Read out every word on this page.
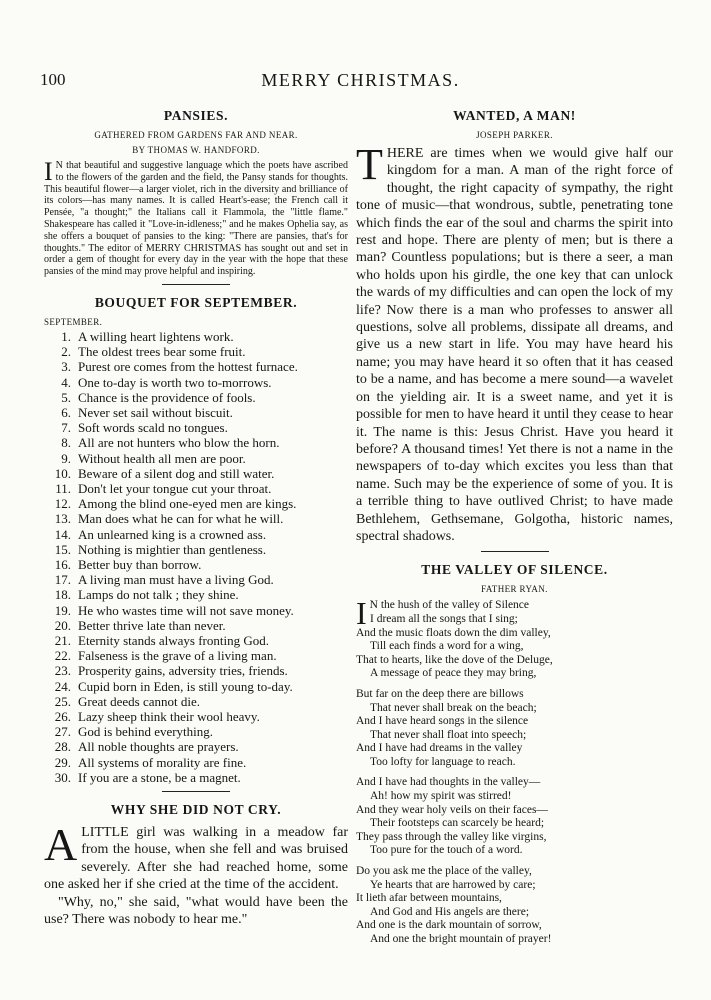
100	MERRY CHRISTMAS.
PANSIES.
GATHERED FROM GARDENS FAR AND NEAR.
BY THOMAS W. HANDFORD.

I N that beautiful and suggestive language which the poets have ascribed to the flowers of the garden and the field, the Pansy stands for thoughts. This beautiful flower—a larger violet, rich in the diversity and brilliance of its colors—has many names. It is called Heart's-ease; the French call it Pensée, "a thought;" the Italians call it Flammola, the "little flame." Shakespeare has called it "Love-in-idleness;" and he makes Ophelia say, as she offers a bouquet of pansies to the king: "There are pansies, that's for thoughts." The editor of MERRY CHRISTMAS has sought out and set in order a gem of thought for every day in the year with the hope that these pansies of the mind may prove helpful and inspiring.

BOUQUET FOR SEPTEMBER.
SEPTEMBER.
1. A willing heart lightens work.
2. The oldest trees bear some fruit.
3. Purest ore comes from the hottest furnace.
4. One to-day is worth two to-morrows.
5. Chance is the providence of fools.
6. Never set sail without biscuit.
7. Soft words scald no tongues.
8. All are not hunters who blow the horn.
9. Without health all men are poor.
10. Beware of a silent dog and still water.
11. Don't let your tongue cut your throat.
12. Among the blind one-eyed men are kings.
13. Man does what he can for what he will.
14. An unlearned king is a crowned ass.
15. Nothing is mightier than gentleness.
16. Better buy than borrow.
17. A living man must have a living God.
18. Lamps do not talk ; they shine.
19. He who wastes time will not save money.
20. Better thrive late than never.
21. Eternity stands always fronting God.
22. Falseness is the grave of a living man.
23. Prosperity gains, adversity tries, friends.
24. Cupid born in Eden, is still young to-day.
25. Great deeds cannot die.
26. Lazy sheep think their wool heavy.
27. God is behind everything.
28. All noble thoughts are prayers.
29. All systems of morality are fine.
30. If you are a stone, be a magnet.
WHY SHE DID NOT CRY.

ALITTLE girl was walking in a meadow far from the house, when she fell and was bruised severely. After she had reached home, some one asked her if she cried at the time of the accident.

"Why, no," she said, "what would have been the use? There was nobody to hear me."

WANTED, A MAN!
JOSEPH PARKER.

THERE are times when we would give half our kingdom for a man. A man of the right force of thought, the right capacity of sympathy, the right tone of music—that wondrous, subtle, penetrating tone which finds the ear of the soul and charms the spirit into rest and hope. There are plenty of men; but is there a man? Countless populations; but is there a seer, a man who holds upon his girdle, the one key that can unlock the wards of my difficulties and can open the lock of my life? Now there is a man who professes to answer all questions, solve all problems, dissipate all dreams, and give us a new start in life. You may have heard his name; you may have heard it so often that it has ceased to be a name, and has become a mere sound—a wavelet on the yielding air. It is a sweet name, and yet it is possible for men to have heard it until they cease to hear it. The name is this: Jesus Christ. Have you heard it before? A thousand times! Yet there is not a name in the newspapers of to-day which excites you less than that name. Such may be the experience of some of you. It is a terrible thing to have outlived Christ; to have made Bethlehem, Gethsemane, Golgotha, historic names, spectral shadows.

THE VALLEY OF SILENCE.
FATHER RYAN.
I N the hush of the valley of Silence
I dream all the songs that I sing;
And the music floats down the dim valley,
Till each finds a word for a wing,
That to hearts, like the dove of the Deluge,
A message of peace they may bring,
But far on the deep there are billows
That never shall break on the beach;
And I have heard songs in the silence
That never shall float into speech;
And I have had dreams in the valley
Too lofty for language to reach.
And I have had thoughts in the valley—
Ah! how my spirit was stirred!
And they wear holy veils on their faces—
Their footsteps can scarcely be heard;
They pass through the valley like virgins,
Too pure for the touch of a word.
Do you ask me the place of the valley,
Ye hearts that are harrowed by care;
It lieth afar between mountains,
And God and His angels are there;
And one is the dark mountain of sorrow,
And one the bright mountain of prayer!
